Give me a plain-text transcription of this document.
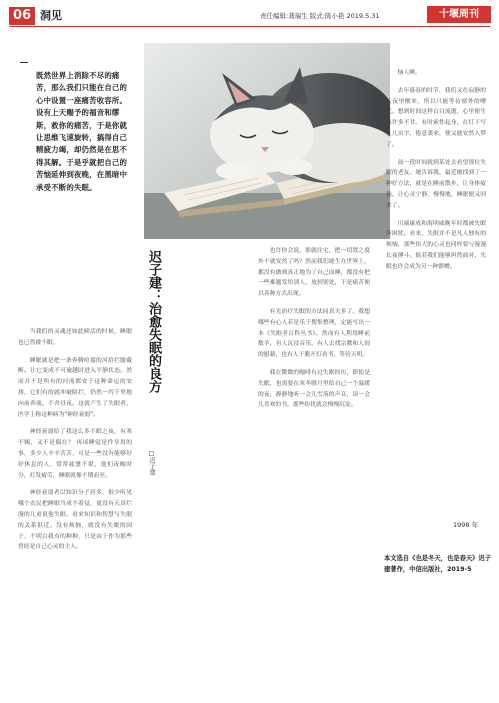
06 洞见	责任编辑:龚瑞生 版式:陈小艳 2019.5.31	十堰周刊
既然世界上消除不尽的痛苦，那么我们只能在自己的心中设置一座痛苦收容所。设有上天赐予的福音和缪斯，救你的痛苦，于是你就让思维飞速旋转，搞得自己精疲力竭，却仍然是在思不得其解。于是乎就把自己的苦恼延伸到夜晚，在黑暗中承受不断的失眠。

当我们的灵魂还如此鲜活的时候，睡眠也已然被不眠。

睡眠就是把一条奔腾喧嚣的河给拦腰截断。让它变成不可逾越时进入平静状态。然而并不是所有的河流都安于这种命运的安排，它们有的就冲破阻拦，仍然一泻千里地向前奔流，不舍昼夜。这就产生了失眠者，医学上称这种病为"神经衰弱"。

神经衰弱给了我这么多不眠之夜，有寒不赐，又不是偶在？ 再谈睡觉是件享用的事，多少人辛辛苦苦，可是一些没有能够好好休息的人，常常疲惫不堪，他们夜晚时分，打发疲劳，睡眠就像不期而至。

神经衰弱者以知识分子居多，很少听见哪个农民把睡眠当成不着觉，更没有天真烂漫的儿童说他失眠。看来知识和智慧与失眠的关系很近。没有烦恼，就没有失眠的因子，不明白我有的种种，只是由于作为那些曾经是自己心灵的主人。

迟子建：治愈失眠的良方
□迟子建

也许你会说，那就住宅，把一切置之度外不就安然了吗？然而我们诞生在世界上，都没有做到真正地为了自己而睡，都没有把一些难题发给别人、放到别处，于是痛苦便以各种方式出现。

有光治疗失眠的方法同真夫多了。我想哪些有心人若是乐于搜集整理，定能写出一本《失眠者百科丛书》。然而有人利用睡前数羊，有人沉浸音乐，有人去找宗教和人间的慰藉，也有人干脆开灯看书，等待天明。

我在微微的咖啡有过失眠经历，即使是失眠，也需要在寒冬腊月里给自己一个温暖的夜，静静地听一会儿雪落的声音，读一会儿喜欢的书，那些纷扰就会慢慢沉淀。

恼人睡。

去年暮春的时节，我们又在寂静的长夜里醒来，所以只能等待窗外的曙光。想到时间这样白白流逝，心里便生出许多不甘。有时索性起身，在灯下写上几页字，倦意袭来，便又能安然入梦了。

前一段时间就到某处去看望那位失眠的老友。她告诉我，最近她找到了一种好方法，就是在睡前散步，让身体疲倦，让心灵宁静，慢慢地，睡眠便又回来了。

川端康成和海明威晚年时都被失眠所困扰。看来，失眠并不是凡人独有的烦恼，那些伟大的心灵也同样要与漫漫长夜搏斗。倘若我们能够坦然面对，失眠也许会成为另一种馈赠。

1998 年
本文选自《也是冬天，也是春天》迟子建著作，中信出版社，2019-5
